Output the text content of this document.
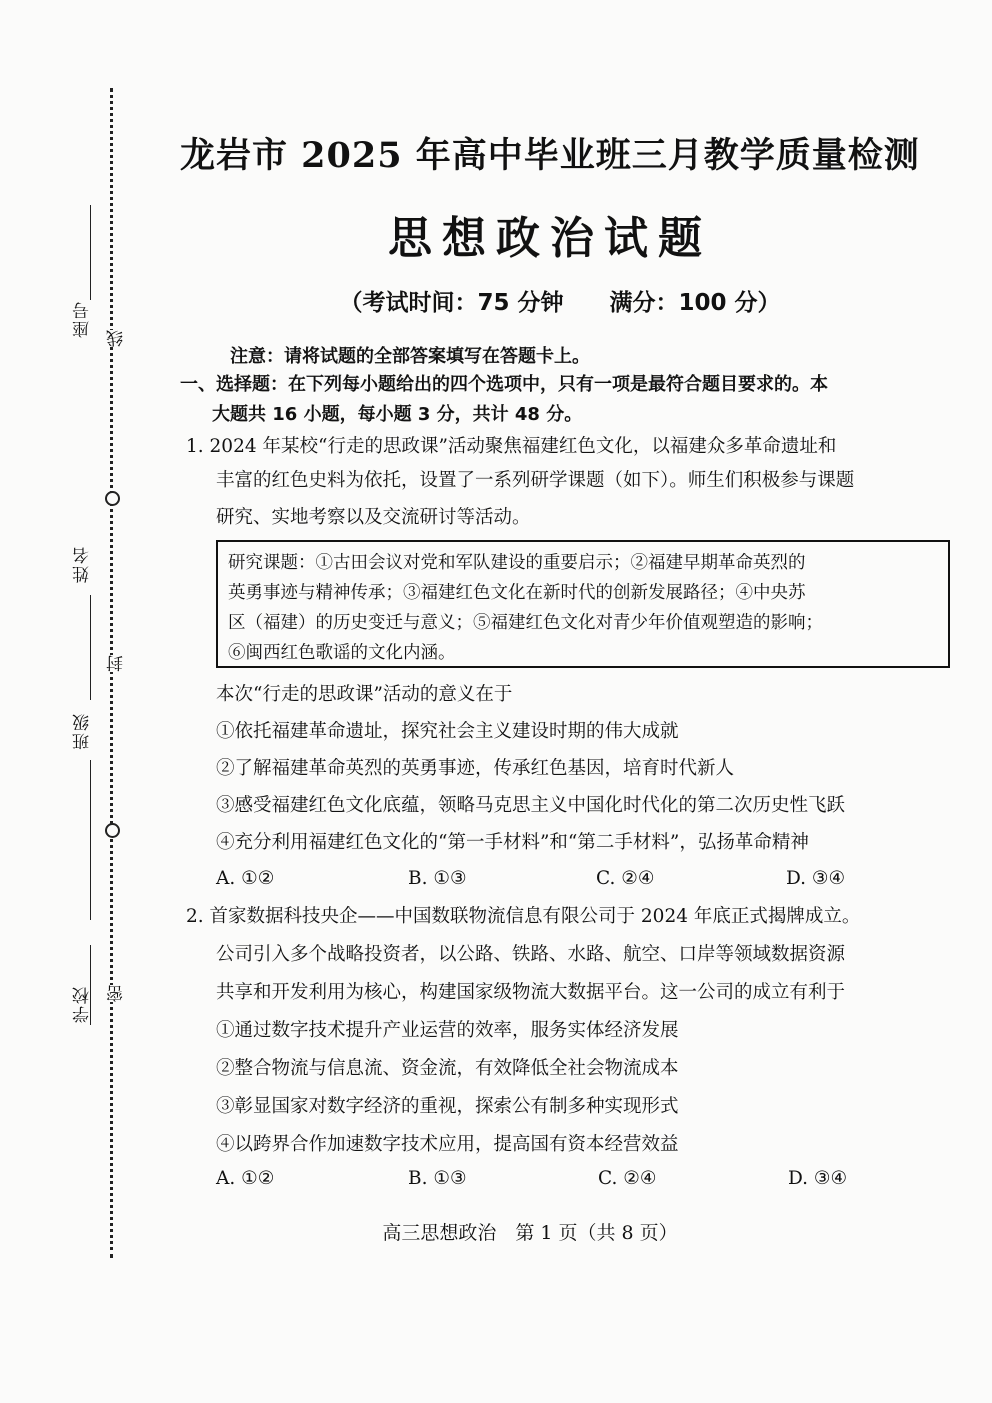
座号
线
姓名
封
班级
学校 密
龙岩市 2025 年高中毕业班三月教学质量检测
思想政治试题
（考试时间：75 分钟　　满分：100 分）
注意：请将试题的全部答案填写在答题卡上。
一、选择题：在下列每小题给出的四个选项中，只有一项是最符合题目要求的。本
大题共 16 小题，每小题 3 分，共计 48 分。
1. 2024 年某校“行走的思政课”活动聚焦福建红色文化，以福建众多革命遗址和
丰富的红色史料为依托，设置了一系列研学课题（如下）。师生们积极参与课题
研究、实地考察以及交流研讨等活动。
研究课题：①古田会议对党和军队建设的重要启示；②福建早期革命英烈的
英勇事迹与精神传承；③福建红色文化在新时代的创新发展路径；④中央苏
区（福建）的历史变迁与意义；⑤福建红色文化对青少年价值观塑造的影响；
⑥闽西红色歌谣的文化内涵。
本次“行走的思政课”活动的意义在于
①依托福建革命遗址，探究社会主义建设时期的伟大成就
②了解福建革命英烈的英勇事迹，传承红色基因，培育时代新人
③感受福建红色文化底蕴，领略马克思主义中国化时代化的第二次历史性飞跃
④充分利用福建红色文化的“第一手材料”和“第二手材料”，弘扬革命精神
A. ①②	B. ①③	C. ②④	D. ③④
2. 首家数据科技央企——中国数联物流信息有限公司于 2024 年底正式揭牌成立。
公司引入多个战略投资者，以公路、铁路、水路、航空、口岸等领域数据资源
共享和开发利用为核心，构建国家级物流大数据平台。这一公司的成立有利于
①通过数字技术提升产业运营的效率，服务实体经济发展
②整合物流与信息流、资金流，有效降低全社会物流成本
③彰显国家对数字经济的重视，探索公有制多种实现形式
④以跨界合作加速数字技术应用，提高国有资本经营效益
A. ①②	B. ①③	C. ②④	D. ③④
高三思想政治　第 1 页（共 8 页）
